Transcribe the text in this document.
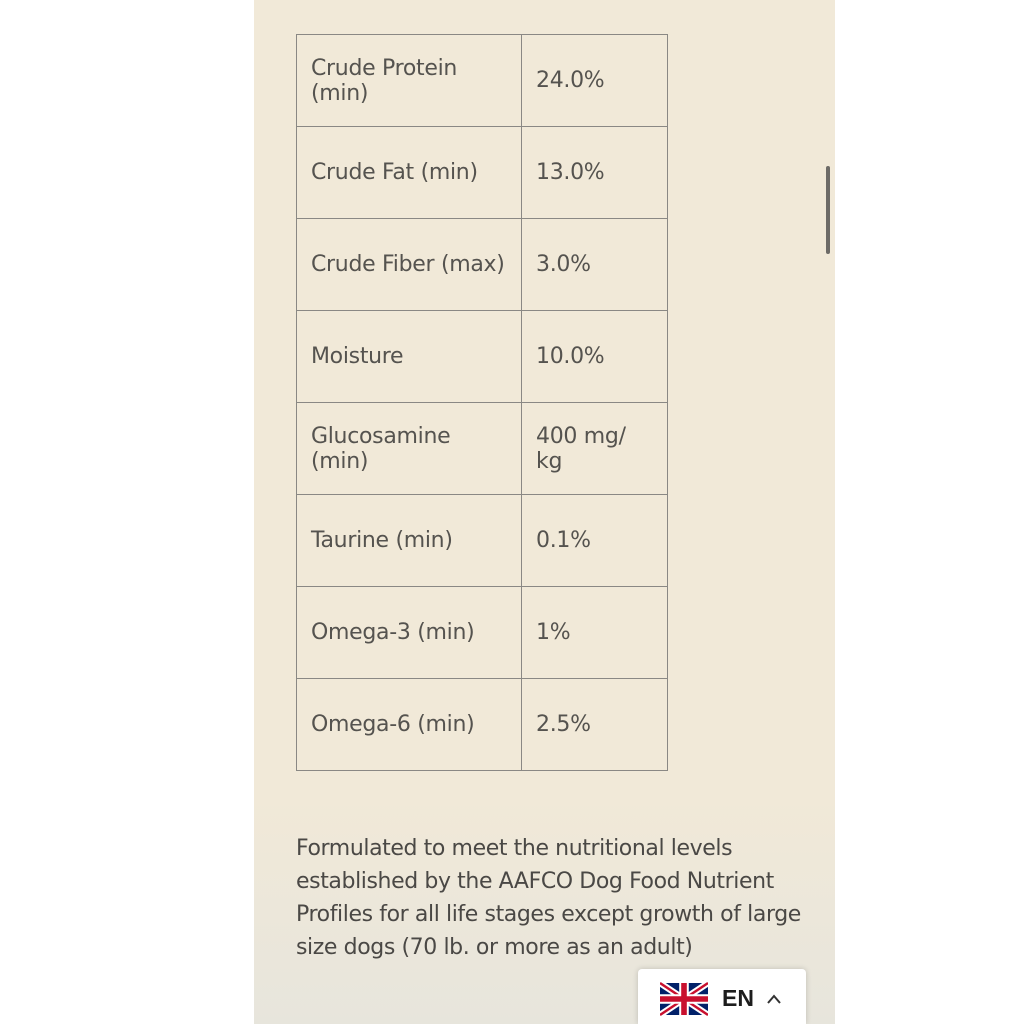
Crude Protein (min)	24.0%
Crude Fat (min)	13.0%
Crude Fiber (max)	3.0%
Moisture	10.0%
Glucosamine (min)	400 mg/ kg
Taurine (min)	0.1%
Omega-3 (min)	1%
Omega-6 (min)	2.5%

Formulated to meet the nutritional levels established by the AAFCO Dog Food Nutrient Profiles for all life stages except growth of large size dogs (70 lb. or more as an adult)

EN
